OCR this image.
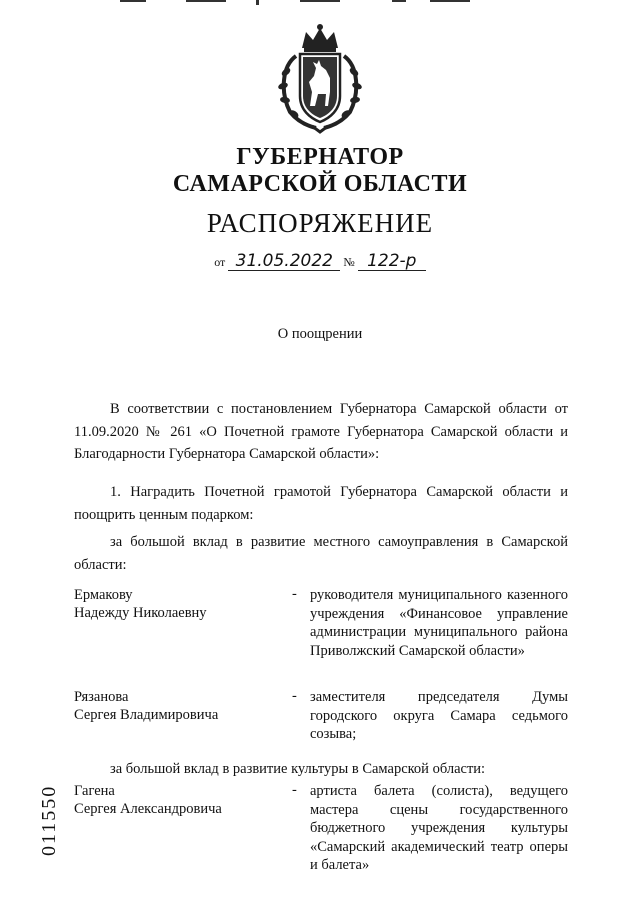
ГУБЕРНАТОР
САМАРСКОЙ ОБЛАСТИ
РАСПОРЯЖЕНИЕ
от 31.05.2022 № 122-р
О поощрении
В соответствии с постановлением Губернатора Самарской области от 11.09.2020 № 261 «О Почетной грамоте Губернатора Самарской области и Благодарности Губернатора Самарской области»:
1. Наградить Почетной грамотой Губернатора Самарской области и поощрить ценным подарком:
за большой вклад в развитие местного самоуправления в Самарской области:
Ермакову
Надежду Николаевну
- руководителя муниципального казенного учреждения «Финансовое управление администрации муниципального района Приволжский Самарской области»
Рязанова
Сергея Владимировича
- заместителя председателя Думы городского округа Самара седьмого созыва;
за большой вклад в развитие культуры в Самарской области:
Гагена
Сергея Александровича
- артиста балета (солиста), ведущего мастера сцены государственного бюджетного учреждения культуры «Самарский академический театр оперы и балета»
011550
